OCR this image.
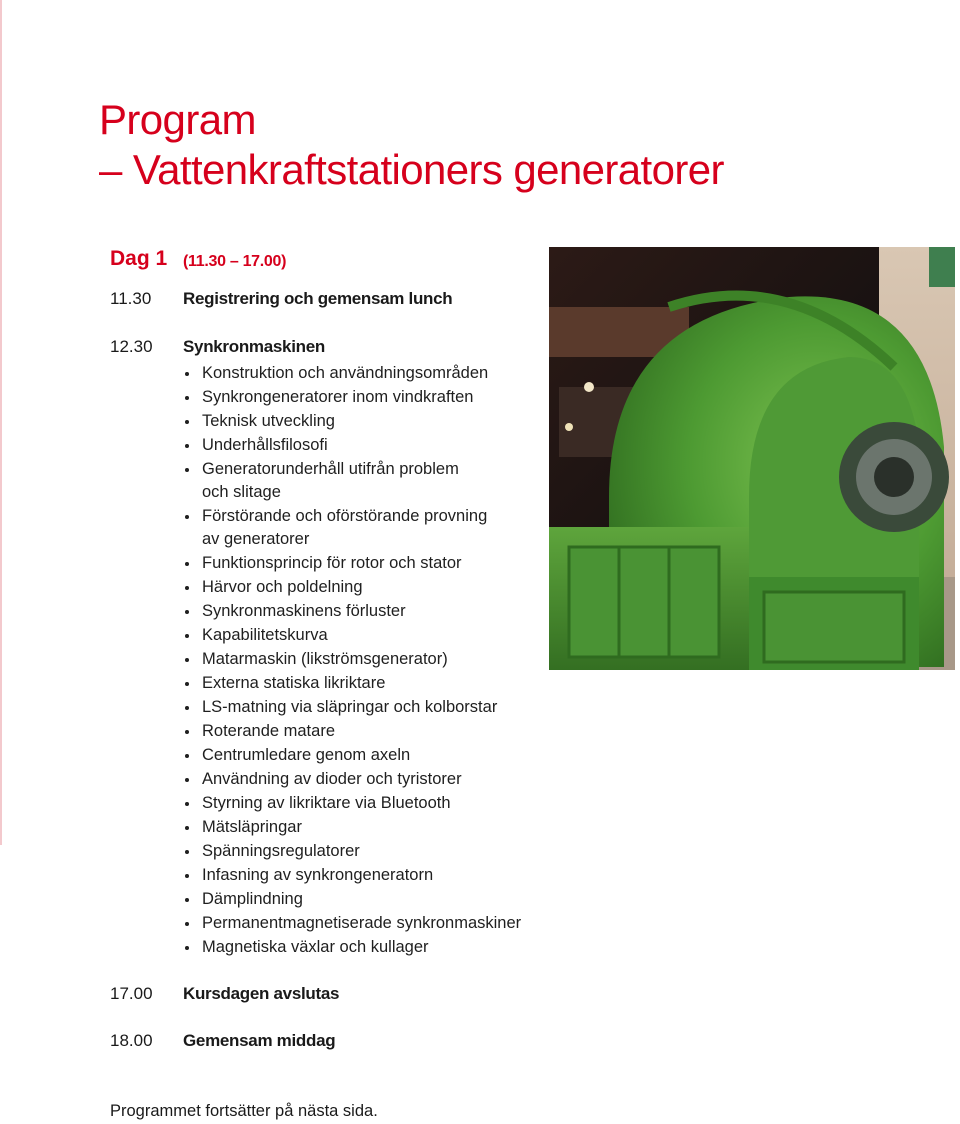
Program
– Vattenkraftstationers generatorer
Dag 1 (11.30 – 17.00)
11.30 Registrering och gemensam lunch
12.30 Synkronmaskinen
Konstruktion och användningsområden
Synkrongeneratorer inom vindkraften
Teknisk utveckling
Underhållsfilosofi
Generatorunderhåll utifrån problem och slitage
Förstörande och oförstörande provning av generatorer
Funktionsprincip för rotor och stator
Härvor och poldelning
Synkronmaskinens förluster
Kapabilitetskurva
Matarmaskin (likströmsgenerator)
Externa statiska likriktare
LS-matning via släpringar och kolborstar
Roterande matare
Centrumledare genom axeln
Användning av dioder och tyristorer
Styrning av likriktare via Bluetooth
Mätsläpringar
Spänningsregulatorer
Infasning av synkrongeneratorn
Dämplindning
Permanentmagnetiserade synkronmaskiner
Magnetiska växlar och kullager
17.00 Kursdagen avslutas
18.00 Gemensam middag
Programmet fortsätter på nästa sida.
